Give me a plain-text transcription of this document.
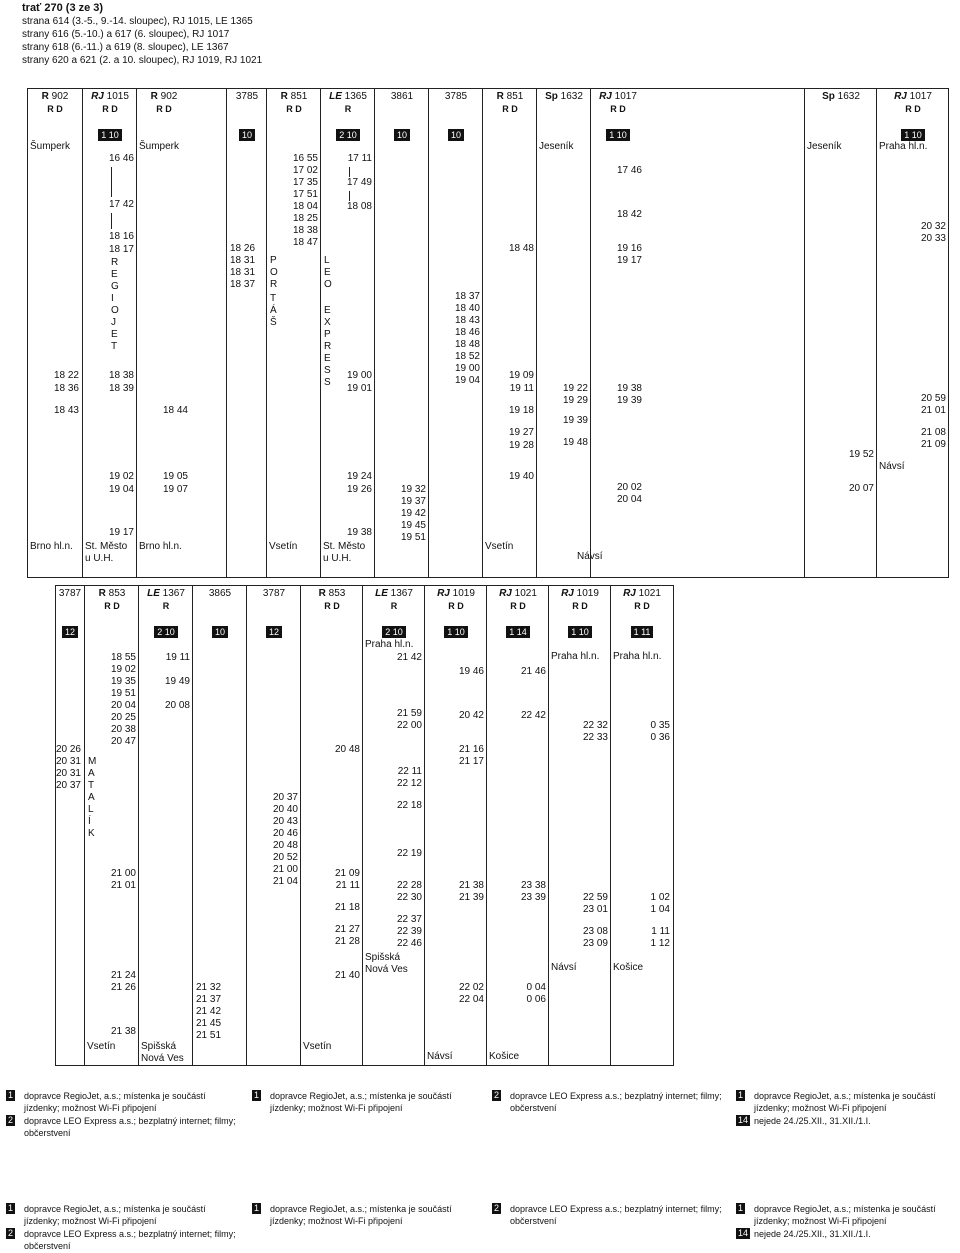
trať 270 (3 ze 3)
strana 614 (3.-5., 9.-14. sloupec), RJ 1015, LE 1365
strany 616 (5.-10.) a 617 (6. sloupec), RJ 1017
strany 618 (6.-11.) a 619 (8. sloupec), LE 1367
strany 620 a 621 (2. a 10. sloupec), RJ 1019, RJ 1021
R 902
R D
Šumperk
18 22
18 36
18 43
Brno hl.n.
RJ 1015
R D
1 10
16 46
17 42
18 16
18 17
R
E
G
I
O
J
E
T
18 38
18 39
19 02
19 04
19 17
St. Město u U.H.
R 902
R D
Šumperk
18 44
19 05
19 07
Brno hl.n.
3785
10
18 26
18 31
18 31
18 37
R 851
R D
16 55
17 02
17 35
17 51
18 04
18 25
18 38
18 47
P
O
R
T
Á
Š
Vsetín
LE 1365
R
2 10
17 11
17 49
18 08
L
E
O
E
X
P
R
E
S
S
19 00
19 01
19 24
19 26
19 38
St. Město u U.H.
3861
10
19 32
19 37
19 42
19 45
19 51
3785
10
18 37
18 40
18 43
18 46
18 48
18 52
19 00
19 04
R 851
R D
18 48
19 09
19 11
19 18
19 27
19 28
19 40
Vsetín
Sp 1632
Jeseník
19 22
19 29
19 39
19 48
Návsí
RJ 1017
R D
1 10
17 46
18 42
19 16
19 17
19 38
19 39
20 02
20 04
Sp 1632
Jeseník
19 52
20 07
RJ 1017
R D
1 10
Praha hl.n.
20 32
20 33
20 59
21 01
21 08
21 09
Návsí
3787
12
20 26
20 31
20 31
20 37
R 853
R D
18 55
19 02
19 35
19 51
20 04
20 25
20 38
20 47
M
A
T
A
L
Í
K
21 00
21 01
21 24
21 26
21 38
Vsetín
LE 1367
R
2 10
19 11
19 49
20 08
Spišská Nová Ves
3865
10
21 32
21 37
21 42
21 45
21 51
3787
12
20 37
20 40
20 43
20 46
20 48
20 52
21 00
21 04
R 853
R D
20 48
21 09
21 11
21 18
21 27
21 28
21 40
Vsetín
LE 1367
R
2 10
Praha hl.n.
21 42
21 59
22 00
22 11
22 12
22 18
22 19
22 28
22 30
22 37
22 39
22 46
Spišská Nová Ves
RJ 1019
R D
1 10
19 46
20 42
21 16
21 17
21 38
21 39
22 02
22 04
Návsí
RJ 1021
R D
1 14
21 46
22 42
23 38
23 39
0 04
0 06
Košice
RJ 1019
R D
1 10
Praha hl.n.
22 32
22 33
22 59
23 01
23 08
23 09
Návsí
RJ 1021
R D
1 11
Praha hl.n.
0 35
0 36
1 02
1 04
1 11
1 12
Košice
1 dopravce RegioJet, a.s.; místenka je součástí jízdenky; možnost Wi-Fi připojení
2 dopravce LEO Express a.s.; bezplatný internet; filmy; občerstvení
1 dopravce RegioJet, a.s.; místenka je součástí jízdenky; možnost Wi-Fi připojení
2 dopravce LEO Express a.s.; bezplatný internet; filmy; občerstvení
1 dopravce RegioJet, a.s.; místenka je součástí jízdenky; možnost Wi-Fi připojení
14 nejede 24./25.XII., 31.XII./1.I.
1 dopravce RegioJet, a.s.; místenka je součástí jízdenky; možnost Wi-Fi připojení
2 dopravce LEO Express a.s.; bezplatný internet; filmy; občerstvení
1 dopravce RegioJet, a.s.; místenka je součástí jízdenky; možnost Wi-Fi připojení
2 dopravce LEO Express a.s.; bezplatný internet; filmy; občerstvení
1 dopravce RegioJet, a.s.; místenka je součástí jízdenky; možnost Wi-Fi připojení
14 nejede 24./25.XII., 31.XII./1.I.
